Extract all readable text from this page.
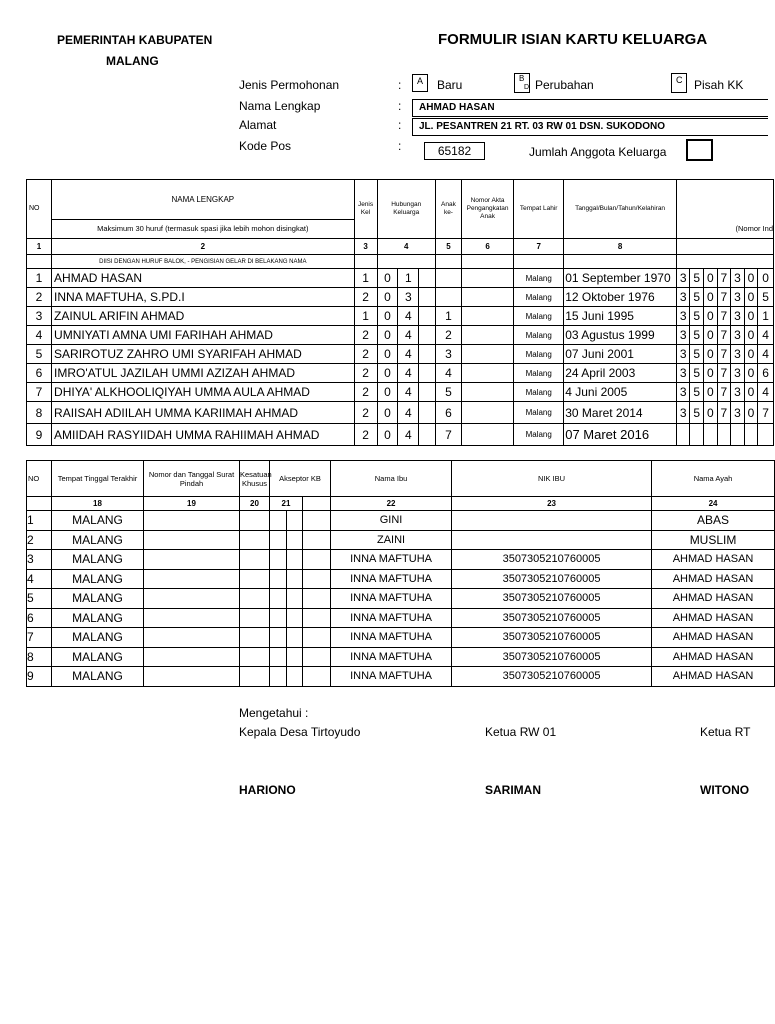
PEMERINTAH KABUPATEN
MALANG
FORMULIR ISIAN KARTU KELUARGA
Jenis Permohonan	: A Baru	B
D Perubahan	C Pisah KK
Nama Lengkap	:	AHMAD HASAN
Alamat	:	JL. PESANTREN 21 RT. 03 RW 01 DSN. SUKODONO
Kode Pos	:	65182	Jumlah Anggota Keluarga
NO	NAMA LENGKAP	Jenis Kel	Hubungan Keluarga			Anak ke-	Nomor Akta Pengangkatan Anak	Tempat Lahir	Tanggal/Bulan/Tahun/Kelahiran							
	Maksimum 30 huruf (termasuk spasi jika lebih mohon disingkat)									(Nomor Ind						
1	2	3	4			5	6	7	8							
	DIISI DENGAN HURUF BALOK, - PENGISIAN GELAR DI BELAKANG NAMA															
1	AHMAD HASAN	1	0	1				Malang	01 September 1970	3	5	0	7	3	0	0
2	INNA MAFTUHA, S.PD.I	2	0	3				Malang	12 Oktober 1976	3	5	0	7	3	0	5
3	ZAINUL ARIFIN AHMAD	1	0	4		1		Malang	15 Juni 1995	3	5	0	7	3	0	1
4	UMNIYATI AMNA UMI FARIHAH AHMAD	2	0	4		2		Malang	03 Agustus 1999	3	5	0	7	3	0	4
5	SARIROTUZ ZAHRO UMI SYARIFAH AHMAD	2	0	4		3		Malang	07 Juni 2001	3	5	0	7	3	0	4
6	IMRO'ATUL JAZILAH UMMI AZIZAH AHMAD	2	0	4		4		Malang	24 April 2003	3	5	0	7	3	0	6
7	DHIYA' ALKHOOLIQIYAH UMMA AULA AHMAD	2	0	4		5		Malang	4 Juni 2005	3	5	0	7	3	0	4
8	RAIISAH ADIILAH UMMA KARIIMAH AHMAD	2	0	4		6		Malang	30 Maret 2014	3	5	0	7	3	0	7
9	AMIIDAH RASYIIDAH UMMA RAHIIMAH AHMAD	2	0	4		7		Malang	07 Maret 2016							
NO	Tempat Tinggal Terakhir	Nomor dan Tanggal Surat Pindah	Kesatuan Khusus	Akseptor KB			Nama Ibu	NIK IBU	Nama Ayah
	18	19	20	21			22	23	24
1	MALANG						GINI		ABAS
2	MALANG						ZAINI		MUSLIM
3	MALANG						INNA MAFTUHA	3507305210760005	AHMAD HASAN
4	MALANG						INNA MAFTUHA	3507305210760005	AHMAD HASAN
5	MALANG						INNA MAFTUHA	3507305210760005	AHMAD HASAN
6	MALANG						INNA MAFTUHA	3507305210760005	AHMAD HASAN
7	MALANG						INNA MAFTUHA	3507305210760005	AHMAD HASAN
8	MALANG						INNA MAFTUHA	3507305210760005	AHMAD HASAN
9	MALANG						INNA MAFTUHA	3507305210760005	AHMAD HASAN
Mengetahui :
Kepala Desa Tirtoyudo	Ketua RW 01	Ketua RT
HARIONO	SARIMAN	WITONO
